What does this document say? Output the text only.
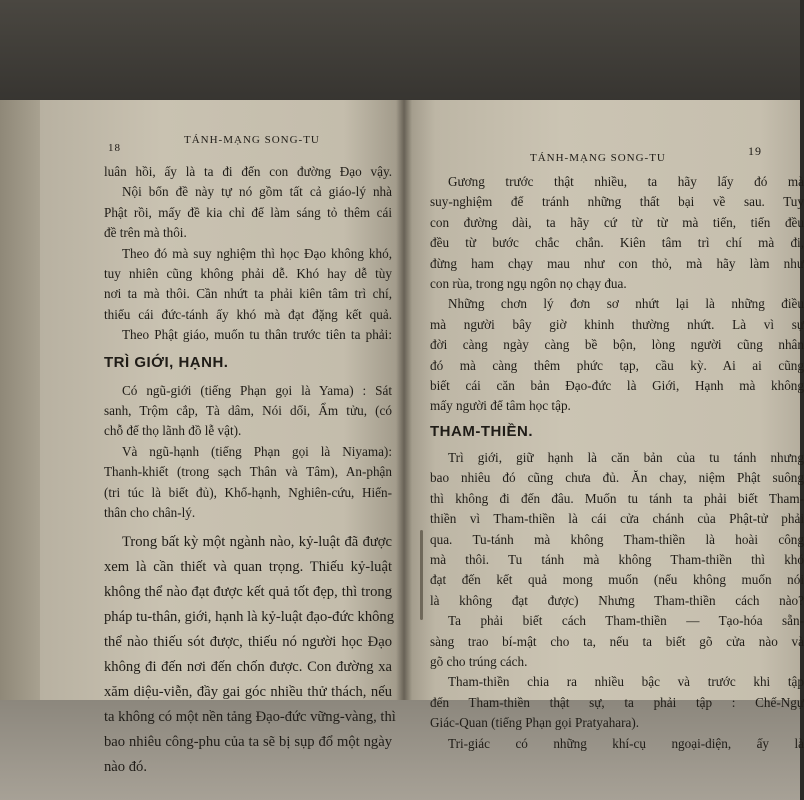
18
TÁNH-MẠNG SONG-TU
luân hồi, ấy là ta đi đến con đường Đạo vậy.
Nội bổn đề này tự nó gồm tất cả giáo-lý nhà
Phật rồi, mấy đề kia chỉ để làm sáng tỏ thêm cái
đề trên mà thôi.
Theo đó mà suy nghiệm thì học Đạo không khó,
tuy nhiên cũng không phải dễ. Khó hay dễ tùy
nơi ta mà thôi. Cần nhứt ta phải kiên tâm trì chí,
thiếu cái đức-tánh ấy khó mà đạt đặng kết quả.
Theo Phật giáo, muốn tu thân trước tiên ta phải:
TRÌ GIỚI, HẠNH.
Có ngũ-giới (tiếng Phạn gọi là Yama) : Sát
sanh, Trộm cắp, Tà dâm, Nói dối, Ẩm tửu, (có
chỗ để thọ lãnh đồ lễ vật).
Và ngũ-hạnh (tiếng Phạn gọi là Niyama):
Thanh-khiết (trong sạch Thân và Tâm), An-phận
(tri túc là biết đủ), Khổ-hạnh, Nghiên-cứu, Hiến-
thân cho chân-lý.
Trong bất kỳ một ngành nào, kỷ-luật đã được
xem là cần thiết và quan trọng. Thiếu kỷ-luật
không thể nào đạt được kết quả tốt đẹp, thì trong
pháp tu-thân, giới, hạnh là kỷ-luật đạo-đức không
thể nào thiếu sót được, thiếu nó người học Đạo
không đi đến nơi đến chốn được. Con đường xa
xăm diệu-viễn, đầy gai góc nhiều thử thách, nếu
ta không có một nền tảng Đạo-đức vững-vàng, thì
bao nhiêu công-phu của ta sẽ bị sụp đổ một ngày
nào đó.
TÁNH-MẠNG SONG-TU	19
Gương trước thật nhiều, ta hãy lấy đó mà
suy-nghiệm để tránh những thất bại về sau. Tuy
con đường dài, ta hãy cứ từ từ mà tiến, tiến đều
đều từ bước chắc chắn. Kiên tâm trì chí mà đi,
đừng ham chạy mau như con thỏ, mà hãy làm như
con rùa, trong ngụ ngôn nọ chạy đua.
Những chơn lý đơn sơ nhứt lại là những điều
mà người bây giờ khinh thường nhứt. Là vì sự
đời càng ngày càng bề bộn, lòng người cũng nhân
đó mà càng thêm phức tạp, cầu kỳ. Ai ai cũng
biết cái căn bản Đạo-đức là Giới, Hạnh mà không
mấy người để tâm học tập.
THAM-THIỀN.
Trì giới, giữ hạnh là căn bản của tu tánh nhưng
bao nhiêu đó cũng chưa đủ. Ăn chay, niệm Phật suông
thì không đi đến đâu. Muốn tu tánh ta phải biết Tham-
thiền vì Tham-thiền là cái cửa chánh của Phật-tử phải
qua. Tu-tánh mà không Tham-thiền là hoài công
mà thôi. Tu tánh mà không Tham-thiền thì khó
đạt đến kết quả mong muốn (nếu không muốn nói
là không đạt được) Nhưng Tham-thiền cách nào?
Ta phải biết cách Tham-thiền — Tạo-hóa sẵn-
sàng trao bí-mật cho ta, nếu ta biết gõ cửa nào và
gõ cho trúng cách.
Tham-thiền chia ra nhiều bậc và trước khi tập
đến Tham-thiền thật sự, ta phải tập : Chế-Ngự
Giác-Quan (tiếng Phạn gọi Pratyahara).
Tri-giác có những khí-cụ ngoại-diện, ấy là
